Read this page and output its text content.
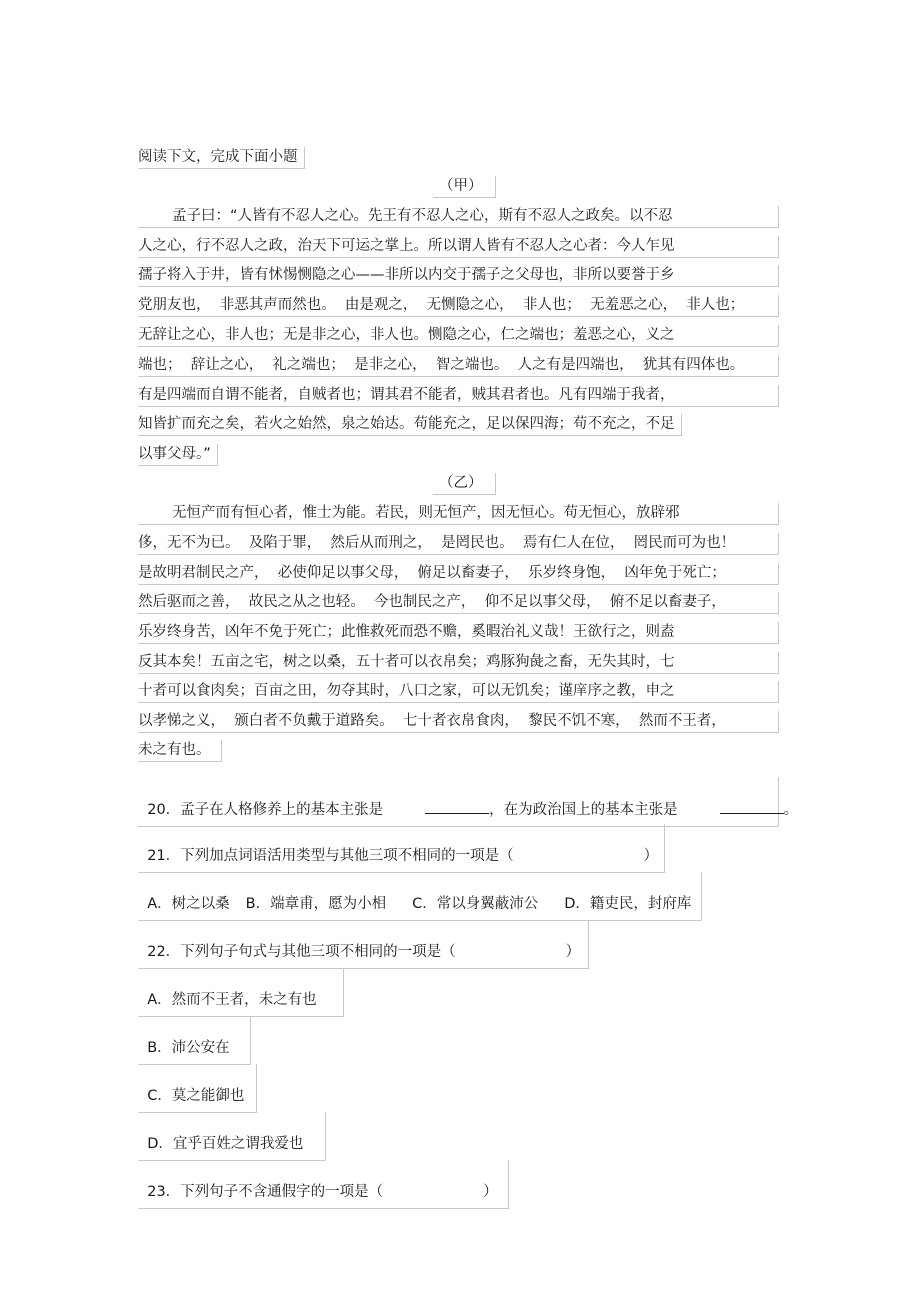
阅读下文，完成下面小题
（甲）
孟子曰：“人皆有不忍人之心。先王有不忍人之心，斯有不忍人之政矣。以不忍
人之心，行不忍人之政，治天下可运之掌上。所以谓人皆有不忍人之心者：今人乍见
孺子将入于井，皆有怵惕恻隐之心——非所以内交于孺子之父母也，非所以要誉于乡
党朋友也，  非恶其声而然也。  由是观之，  无恻隐之心，  非人也；  无羞恶之心，  非人也；
无辞让之心，非人也；无是非之心，非人也。恻隐之心，仁之端也；羞恶之心，义之
端也；  辞让之心，  礼之端也；  是非之心，  智之端也。  人之有是四端也，  犹其有四体也。
有是四端而自谓不能者，自贼者也；谓其君不能者，贼其君者也。凡有四端于我者，
知皆扩而充之矣，若火之始然，泉之始达。苟能充之，足以保四海；苟不充之，不足
以事父母。”
（乙）
无恒产而有恒心者，惟士为能。若民，则无恒产，因无恒心。苟无恒心，放辟邪
侈，无不为已。  及陷于罪，  然后从而刑之，  是罔民也。  焉有仁人在位，  罔民而可为也！
是故明君制民之产，  必使仰足以事父母，  俯足以畜妻子，  乐岁终身饱，  凶年免于死亡；
然后驱而之善，  故民之从之也轻。  今也制民之产，  仰不足以事父母，  俯不足以畜妻子，
乐岁终身苦，凶年不免于死亡；此惟救死而恐不赡，奚暇治礼义哉！王欲行之，则盍
反其本矣！五亩之宅，树之以桑，五十者可以衣帛矣；鸡豚狗彘之畜，无失其时，七
十者可以食肉矣；百亩之田，勿夺其时，八口之家，可以无饥矣；谨庠序之教，申之
以孝悌之义，  颁白者不负戴于道路矣。  七十者衣帛食肉，  黎民不饥不寒，  然而不王者，
未之有也。

20．孟子在人格修养上的基本主张是	，在为政治国上的基本主张是	。

21．下列加点词语活用类型与其他三项不相同的一项是（	）

A．树之以桑 B．端章甫，愿为小相 C．常以身翼蔽沛公 D．籍吏民，封府库

22．下列句子句式与其他三项不相同的一项是（	）

A．然而不王者，未之有也

B．沛公安在

C．莫之能御也

D．宜乎百姓之谓我爱也

23．下列句子不含通假字的一项是（	）
